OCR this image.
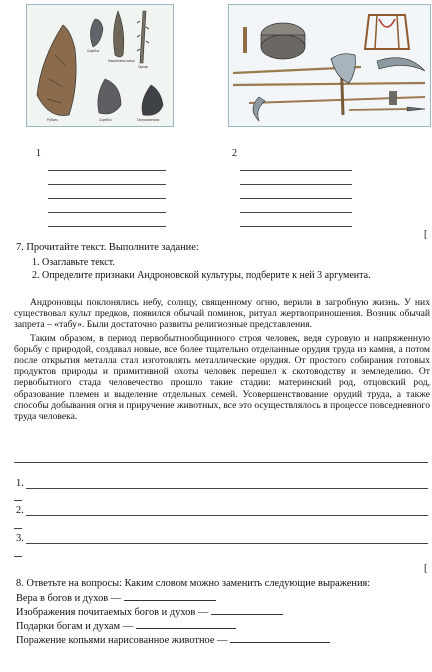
Скребок
Наконечник копья
Гарпун
Рубило	Скребло	Остроконечник
1	2
[
7. Прочитайте текст. Выполните задание:
1. Озаглавьте текст.
2. Определите признаки Андроновской культуры, подберите к ней 3 аргумента.

Андроновцы поклонялись небу, солнцу, священному огню, верили в загробную жизнь. У них существовал культ предков, появился обычай поминок, ритуал жертвоприношения. Возник обычай запрета – «табу». Были достаточно развиты религиозные представления.

Таким образом, в период первобытнообщинного строя человек, ведя суровую и напряженную борьбу с природой, создавал новые, все более тщательно отделанные орудия труда из камня, а потом после открытия металла стал изготовлять металлические орудия. От простого собирания готовых продуктов природы и примитивной охоты человек перешел к скотоводству и земледелию. От первобытного стада человечество прошло такие стадии: материнский род, отцовский род, образование племен и выделение отдельных семей. Усовершенствование орудий труда, а также способы добывания огня и приручение животных, все это осуществлялось в процессе повседневного труда человека.

1.
2.
3.
[
8. Ответьте на вопросы: Каким словом можно заменить следующие выражения:
Вера в богов и духов —
Изображения почитаемых богов и духов —
Подарки богам и духам —
Поражение копьями нарисованное животное —
